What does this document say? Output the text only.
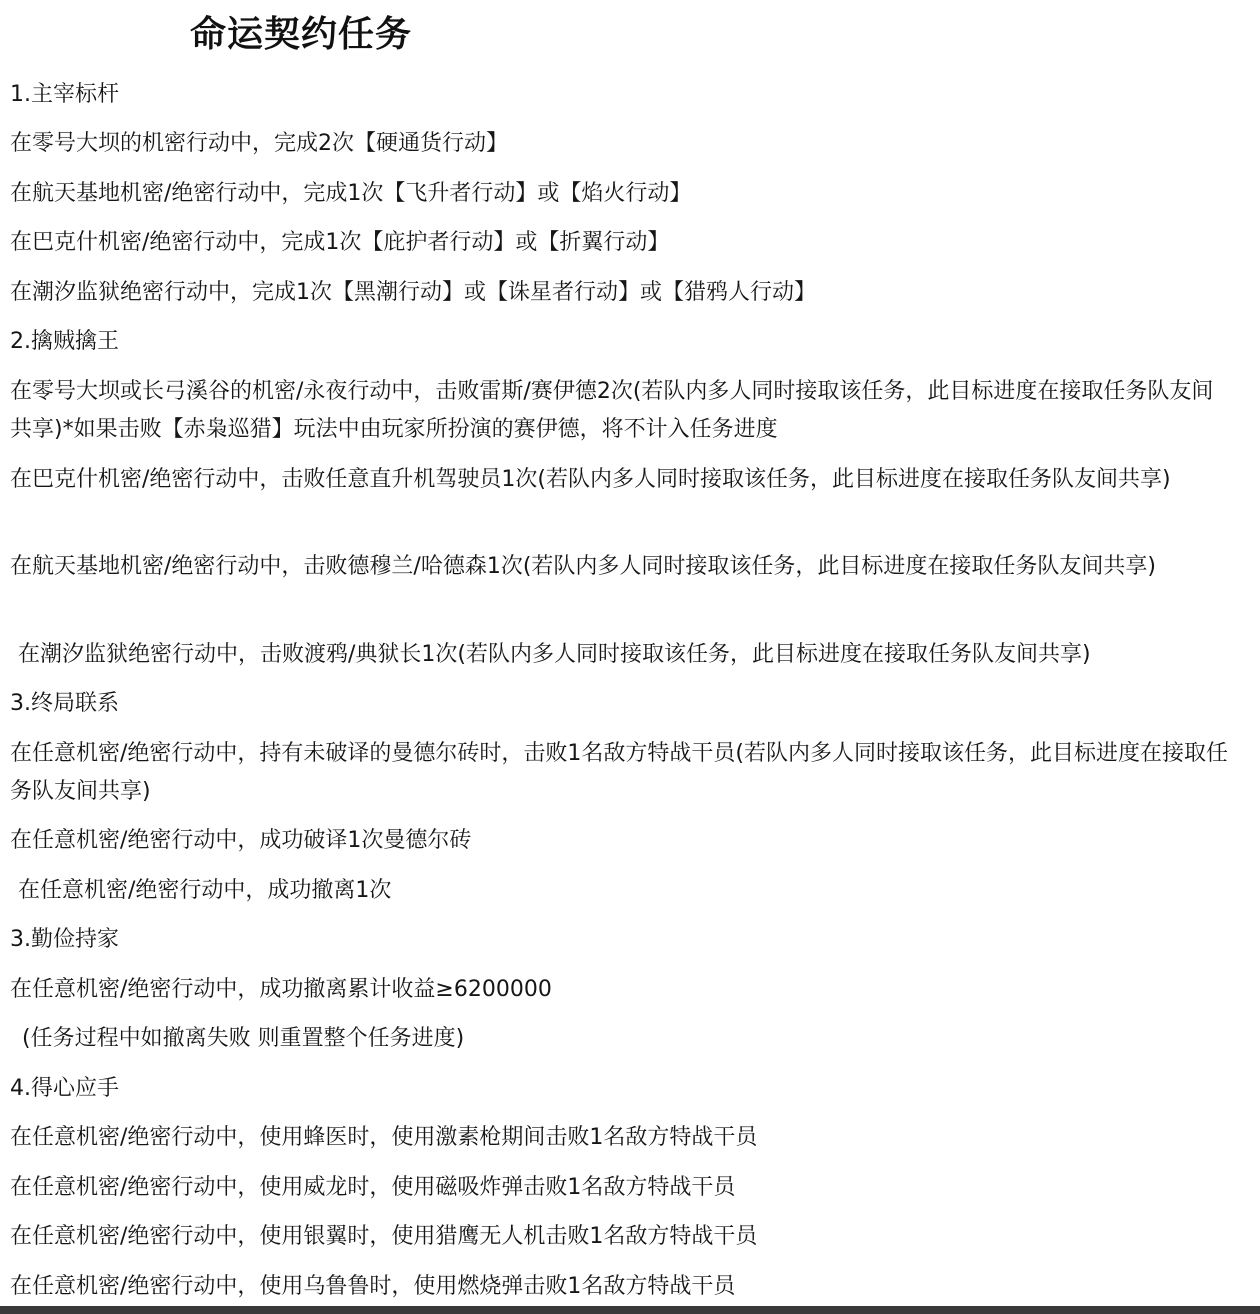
命运契约任务
1.主宰标杆
在零号大坝的机密行动中，完成2次【硬通货行动】
在航天基地机密/绝密行动中，完成1次【飞升者行动】或【焰火行动】
在巴克什机密/绝密行动中，完成1次【庇护者行动】或【折翼行动】
在潮汐监狱绝密行动中，完成1次【黑潮行动】或【诛星者行动】或【猎鸦人行动】
2.擒贼擒王
在零号大坝或长弓溪谷的机密/永夜行动中，击败雷斯/赛伊德2次(若队内多人同时接取该任务，此目标进度在接取任务队友间共享)*如果击败【赤枭巡猎】玩法中由玩家所扮演的赛伊德，将不计入任务进度
在巴克什机密/绝密行动中，击败任意直升机驾驶员1次(若队内多人同时接取该任务，此目标进度在接取任务队友间共享)
在航天基地机密/绝密行动中，击败德穆兰/哈德森1次(若队内多人同时接取该任务，此目标进度在接取任务队友间共享)
在潮汐监狱绝密行动中，击败渡鸦/典狱长1次(若队内多人同时接取该任务，此目标进度在接取任务队友间共享)
3.终局联系
在任意机密/绝密行动中，持有未破译的曼德尔砖时，击败1名敌方特战干员(若队内多人同时接取该任务，此目标进度在接取任务队友间共享)
在任意机密/绝密行动中，成功破译1次曼德尔砖
在任意机密/绝密行动中，成功撤离1次
3.勤俭持家
在任意机密/绝密行动中，成功撤离累计收益≥6200000
(任务过程中如撤离失败 则重置整个任务进度)
4.得心应手
在任意机密/绝密行动中，使用蜂医时，使用激素枪期间击败1名敌方特战干员
在任意机密/绝密行动中，使用威龙时，使用磁吸炸弹击败1名敌方特战干员
在任意机密/绝密行动中，使用银翼时，使用猎鹰无人机击败1名敌方特战干员
在任意机密/绝密行动中，使用乌鲁鲁时，使用燃烧弹击败1名敌方特战干员
